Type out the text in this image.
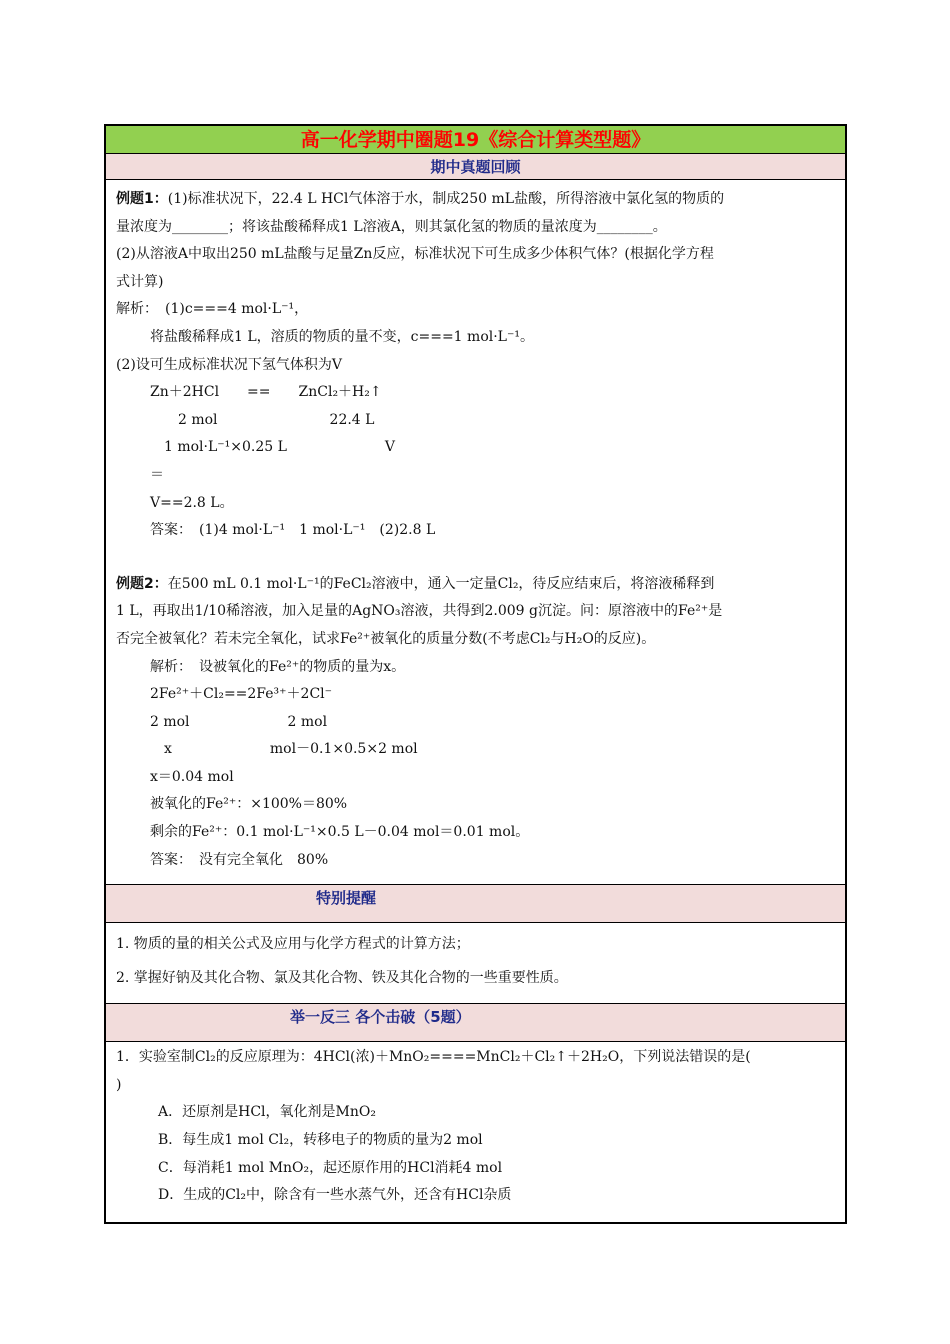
高一化学期中圈题19《综合计算类型题》
期中真题回顾
例题1：(1)标准状况下，22.4 L HCl气体溶于水，制成250 mL盐酸，所得溶液中氯化氢的物质的
量浓度为________；将该盐酸稀释成1 L溶液A，则其氯化氢的物质的量浓度为________。
(2)从溶液A中取出250 mL盐酸与足量Zn反应，标准状况下可生成多少体积气体？(根据化学方程
式计算)
解析：　(1)c===4 mol·L⁻¹，
将盐酸稀释成1 L，溶质的物质的量不变，c===1 mol·L⁻¹。
(2)设可生成标准状况下氢气体积为V
Zn＋2HCl　　==　　ZnCl₂＋H₂↑
　　2 mol　　　　　　　　22.4 L
　1 mol·L⁻¹×0.25 L　　　　　　　V
＝
V==2.8 L。
答案：　(1)4 mol·L⁻¹　1 mol·L⁻¹　(2)2.8 L
例题2：在500 mL 0.1 mol·L⁻¹的FeCl₂溶液中，通入一定量Cl₂，待反应结束后，将溶液稀释到
1 L，再取出1/10稀溶液，加入足量的AgNO₃溶液，共得到2.009 g沉淀。问：原溶液中的Fe²⁺是
否完全被氧化？若未完全氧化，试求Fe²⁺被氧化的质量分数(不考虑Cl₂与H₂O的反应)。
解析：　设被氧化的Fe²⁺的物质的量为x。
2Fe²⁺＋Cl₂==2Fe³⁺＋2Cl⁻
2 mol　　　　　　　2 mol
　x　　　　　　　mol－0.1×0.5×2 mol
x＝0.04 mol
被氧化的Fe²⁺：×100%＝80%
剩余的Fe²⁺：0.1 mol·L⁻¹×0.5 L－0.04 mol＝0.01 mol。
答案：　没有完全氧化　80%
特别提醒
1. 物质的量的相关公式及应用与化学方程式的计算方法；
2. 掌握好钠及其化合物、氯及其化合物、铁及其化合物的一些重要性质。
举一反三 各个击破（5题）
1．实验室制Cl₂的反应原理为：4HCl(浓)＋MnO₂====MnCl₂＋Cl₂↑＋2H₂O，下列说法错误的是(
)
A．还原剂是HCl，氧化剂是MnO₂
B．每生成1 mol Cl₂，转移电子的物质的量为2 mol
C．每消耗1 mol MnO₂，起还原作用的HCl消耗4 mol
D．生成的Cl₂中，除含有一些水蒸气外，还含有HCl杂质
